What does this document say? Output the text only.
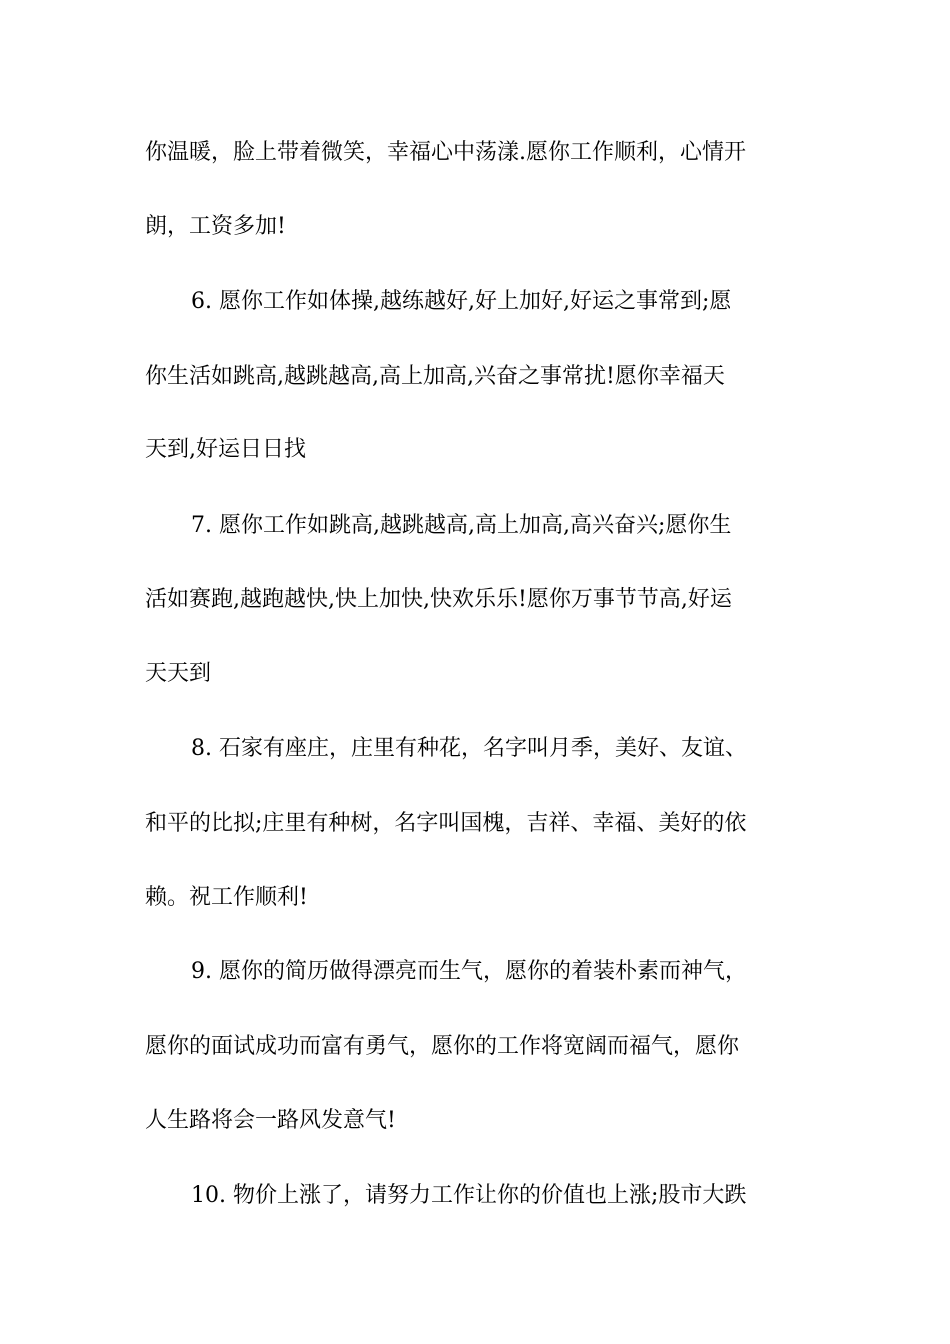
你温暖，脸上带着微笑，幸福心中荡漾.愿你工作顺利，心情开
朗，工资多加!
6. 愿你工作如体操,越练越好,好上加好,好运之事常到;愿
你生活如跳高,越跳越高,高上加高,兴奋之事常扰!愿你幸福天
天到,好运日日找
7. 愿你工作如跳高,越跳越高,高上加高,高兴奋兴;愿你生
活如赛跑,越跑越快,快上加快,快欢乐乐!愿你万事节节高,好运
天天到
8. 石家有座庄，庄里有种花，名字叫月季，美好、友谊、
和平的比拟;庄里有种树，名字叫国槐，吉祥、幸福、美好的依
赖。祝工作顺利!
9. 愿你的简历做得漂亮而生气，愿你的着装朴素而神气，
愿你的面试成功而富有勇气，愿你的工作将宽阔而福气，愿你
人生路将会一路风发意气!
10. 物价上涨了，请努力工作让你的价值也上涨;股市大跌
